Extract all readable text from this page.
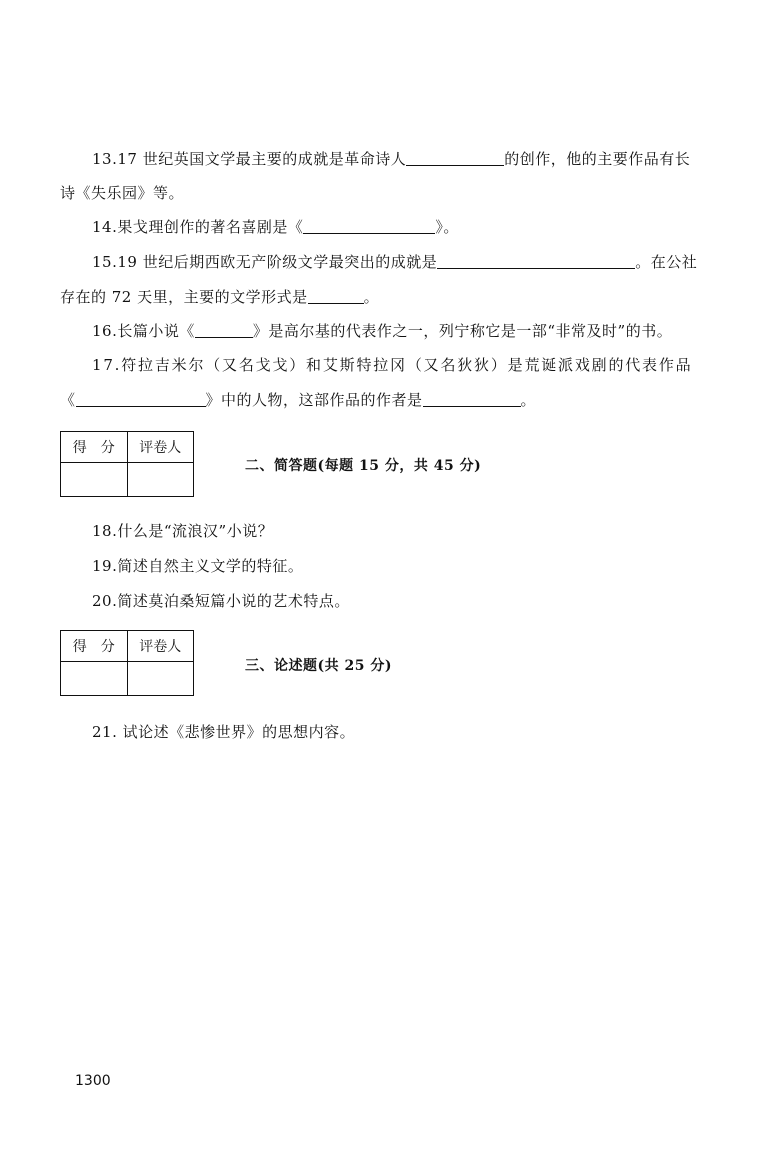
13.17 世纪英国文学最主要的成就是革命诗人	的创作，他的主要作品有长
诗《失乐园》等。
14.果戈理创作的著名喜剧是《	》。
15.19 世纪后期西欧无产阶级文学最突出的成就是	。在公社
存在的 72 天里，主要的文学形式是	。
16.长篇小说《	》是高尔基的代表作之一，列宁称它是一部“非常及时”的书。
17.符拉吉米尔（又名戈戈）和艾斯特拉冈（又名狄狄）是荒诞派戏剧的代表作品
《	》中的人物，这部作品的作者是	。
得　分	评卷人

二、简答题(每题 15 分，共 45 分)
18.什么是“流浪汉”小说？
19.简述自然主义文学的特征。
20.简述莫泊桑短篇小说的艺术特点。
得　分	评卷人

三、论述题(共 25 分)
21. 试论述《悲惨世界》的思想内容。
1300
